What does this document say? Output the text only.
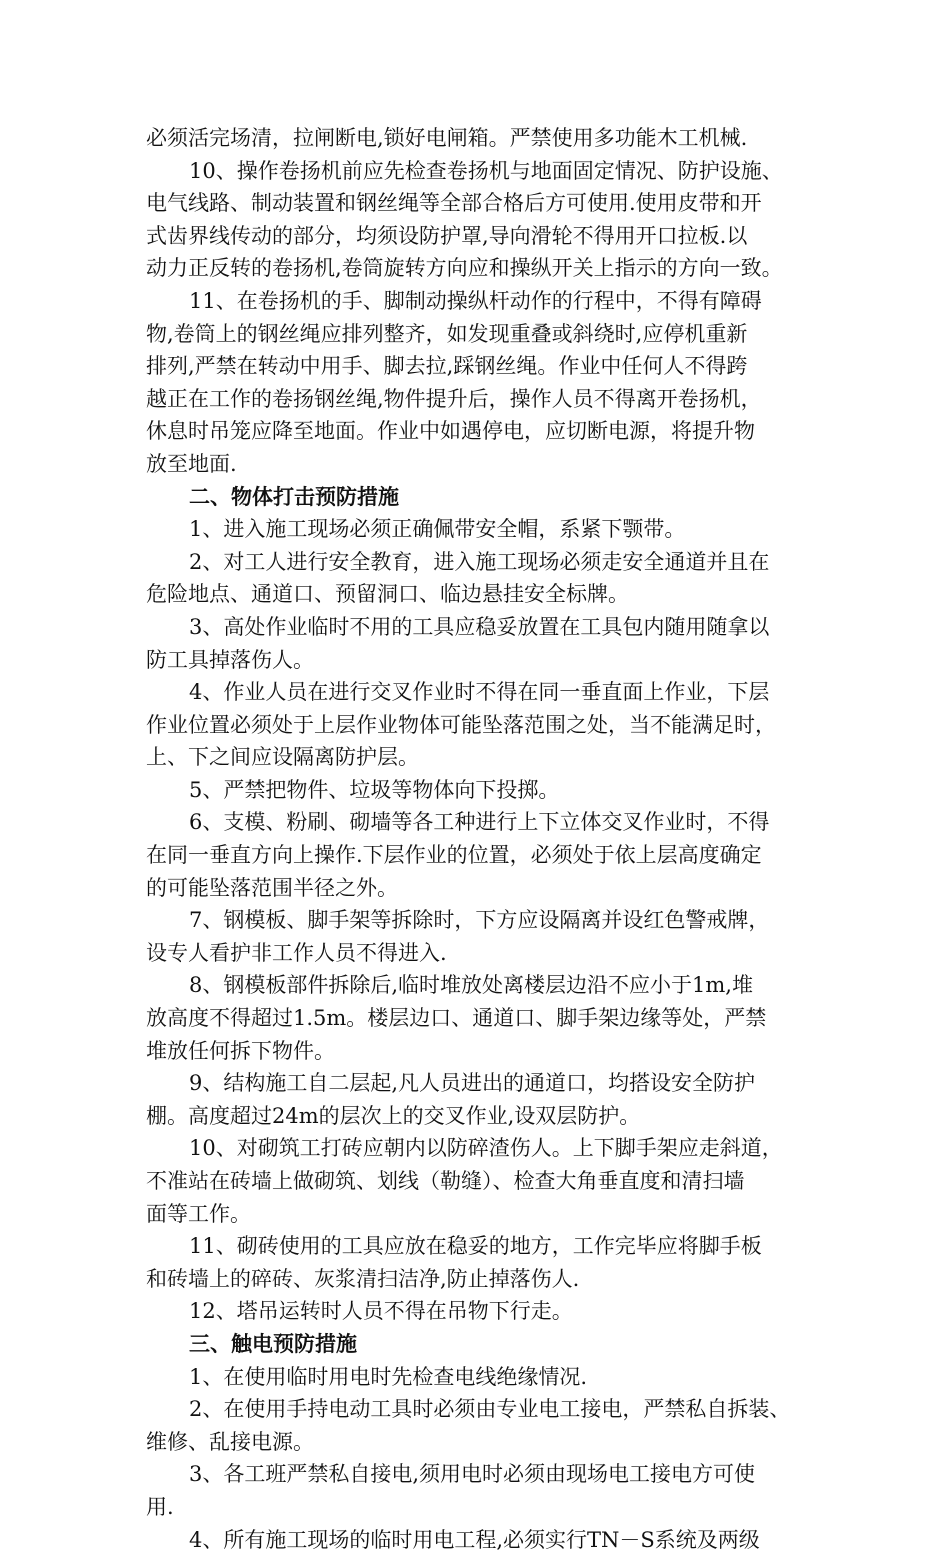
必须活完场清，拉闸断电,锁好电闸箱。严禁使用多功能木工机械.
10、操作卷扬机前应先检查卷扬机与地面固定情况、防护设施、
电气线路、制动装置和钢丝绳等全部合格后方可使用.使用皮带和开
式齿界线传动的部分，均须设防护罩,导向滑轮不得用开口拉板.以
动力正反转的卷扬机,卷筒旋转方向应和操纵开关上指示的方向一致。
11、在卷扬机的手、脚制动操纵杆动作的行程中，不得有障碍
物,卷筒上的钢丝绳应排列整齐，如发现重叠或斜绕时,应停机重新
排列,严禁在转动中用手、脚去拉,踩钢丝绳。作业中任何人不得跨
越正在工作的卷扬钢丝绳,物件提升后，操作人员不得离开卷扬机，
休息时吊笼应降至地面。作业中如遇停电，应切断电源，将提升物
放至地面.
二、物体打击预防措施
1、进入施工现场必须正确佩带安全帽，系紧下颚带。
2、对工人进行安全教育，进入施工现场必须走安全通道并且在
危险地点、通道口、预留洞口、临边悬挂安全标牌。
3、高处作业临时不用的工具应稳妥放置在工具包内随用随拿以
防工具掉落伤人。
4、作业人员在进行交叉作业时不得在同一垂直面上作业，下层
作业位置必须处于上层作业物体可能坠落范围之处，当不能满足时，
上、下之间应设隔离防护层。
5、严禁把物件、垃圾等物体向下投掷。
6、支模、粉刷、砌墙等各工种进行上下立体交叉作业时，不得
在同一垂直方向上操作.下层作业的位置，必须处于依上层高度确定
的可能坠落范围半径之外。
7、钢模板、脚手架等拆除时，下方应设隔离并设红色警戒牌，
设专人看护非工作人员不得进入.
8、钢模板部件拆除后,临时堆放处离楼层边沿不应小于1m,堆
放高度不得超过1.5m。楼层边口、通道口、脚手架边缘等处，严禁
堆放任何拆下物件。
9、结构施工自二层起,凡人员进出的通道口，均搭设安全防护
棚。高度超过24m的层次上的交叉作业,设双层防护。
10、对砌筑工打砖应朝内以防碎渣伤人。上下脚手架应走斜道，
不准站在砖墙上做砌筑、划线（勒缝）、检查大角垂直度和清扫墙
面等工作。
11、砌砖使用的工具应放在稳妥的地方，工作完毕应将脚手板
和砖墙上的碎砖、灰浆清扫洁净,防止掉落伤人.
12、塔吊运转时人员不得在吊物下行走。
三、触电预防措施
1、在使用临时用电时先检查电线绝缘情况.
2、在使用手持电动工具时必须由专业电工接电，严禁私自拆装、
维修、乱接电源。
3、各工班严禁私自接电,须用电时必须由现场电工接电方可使
用.
4、所有施工现场的临时用电工程,必须实行TN－S系统及两级
